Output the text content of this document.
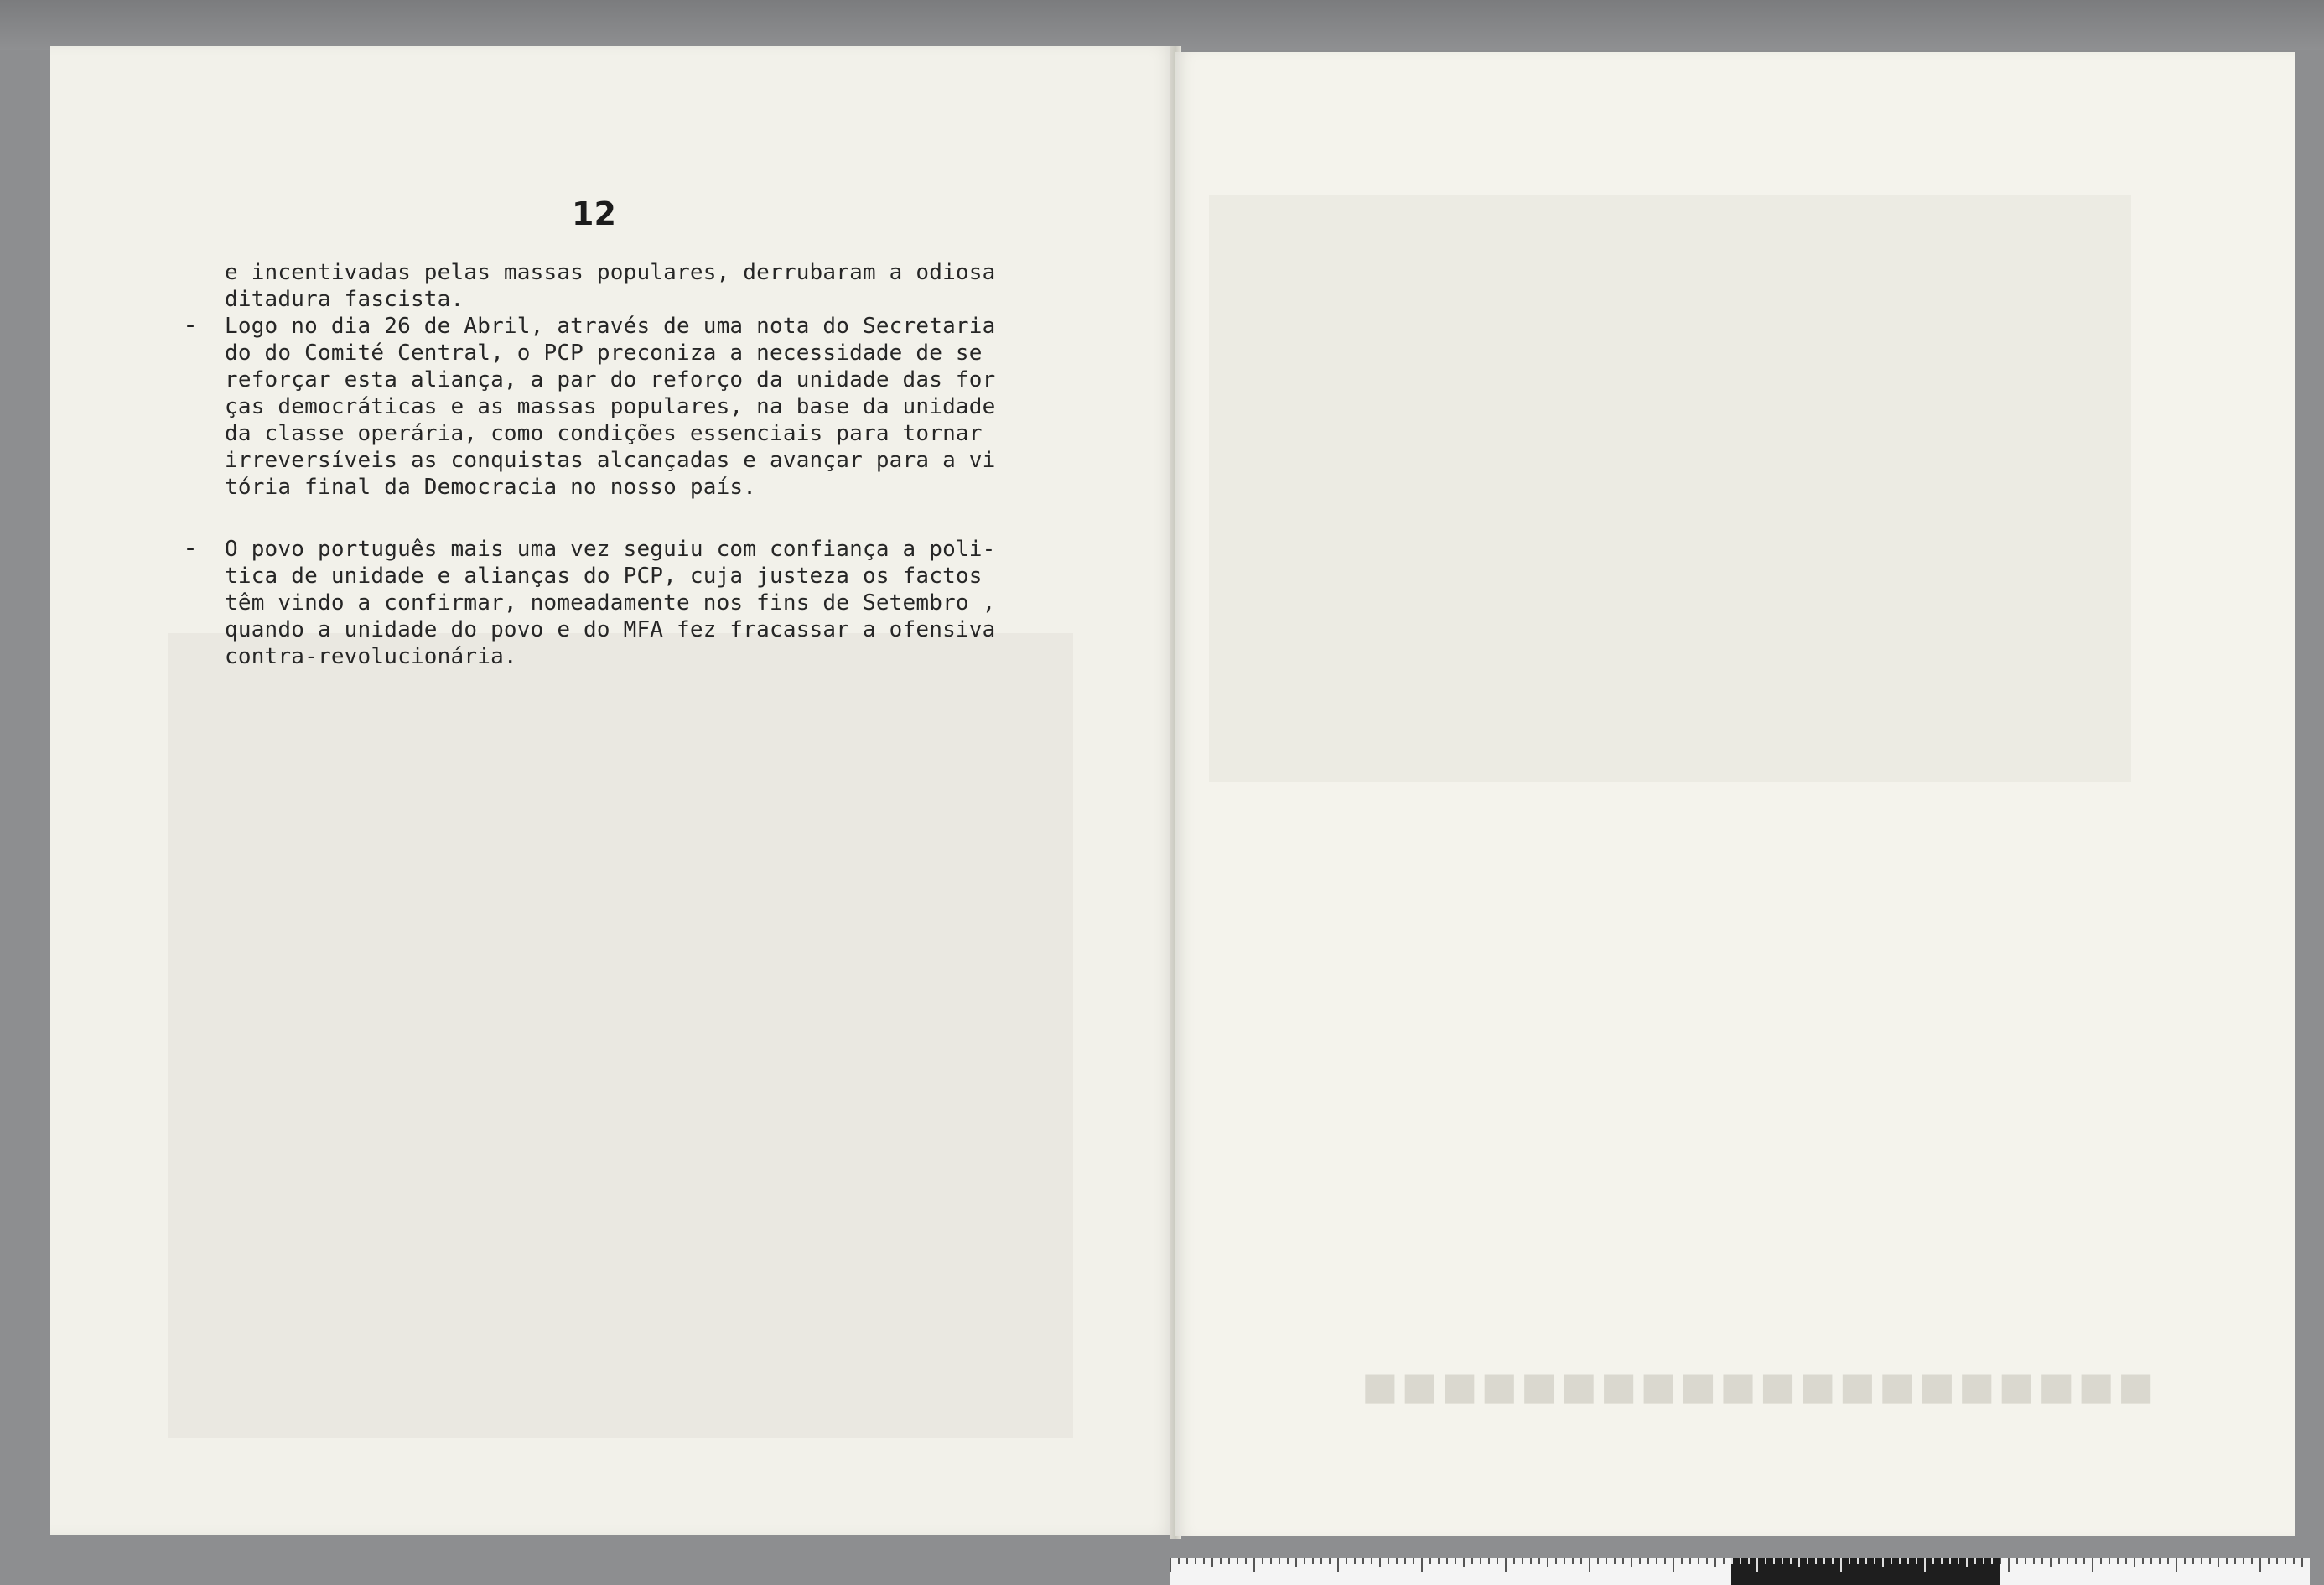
12
e incentivadas pelas massas populares, derrubaram a odiosa
ditadura fascista.
- Logo no dia 26 de Abril, através de uma nota do Secretaria
do do Comité Central, o PCP preconiza a necessidade de se
reforçar esta aliança, a par do reforço da unidade das for
ças democráticas e as massas populares, na base da unidade
da classe operária, como condições essenciais para tornar
irreversíveis as conquistas alcançadas e avançar para a vi
tória final da Democracia no nosso país.
- O povo português mais uma vez seguiu com confiança a poli-
tica de unidade e alianças do PCP, cuja justeza os factos
têm vindo a confirmar, nomeadamente nos fins de Setembro ,
quando a unidade do povo e do MFA fez fracassar a ofensiva
contra-revolucionária.
■■■■■■■■■■■■■■■■■■■■
